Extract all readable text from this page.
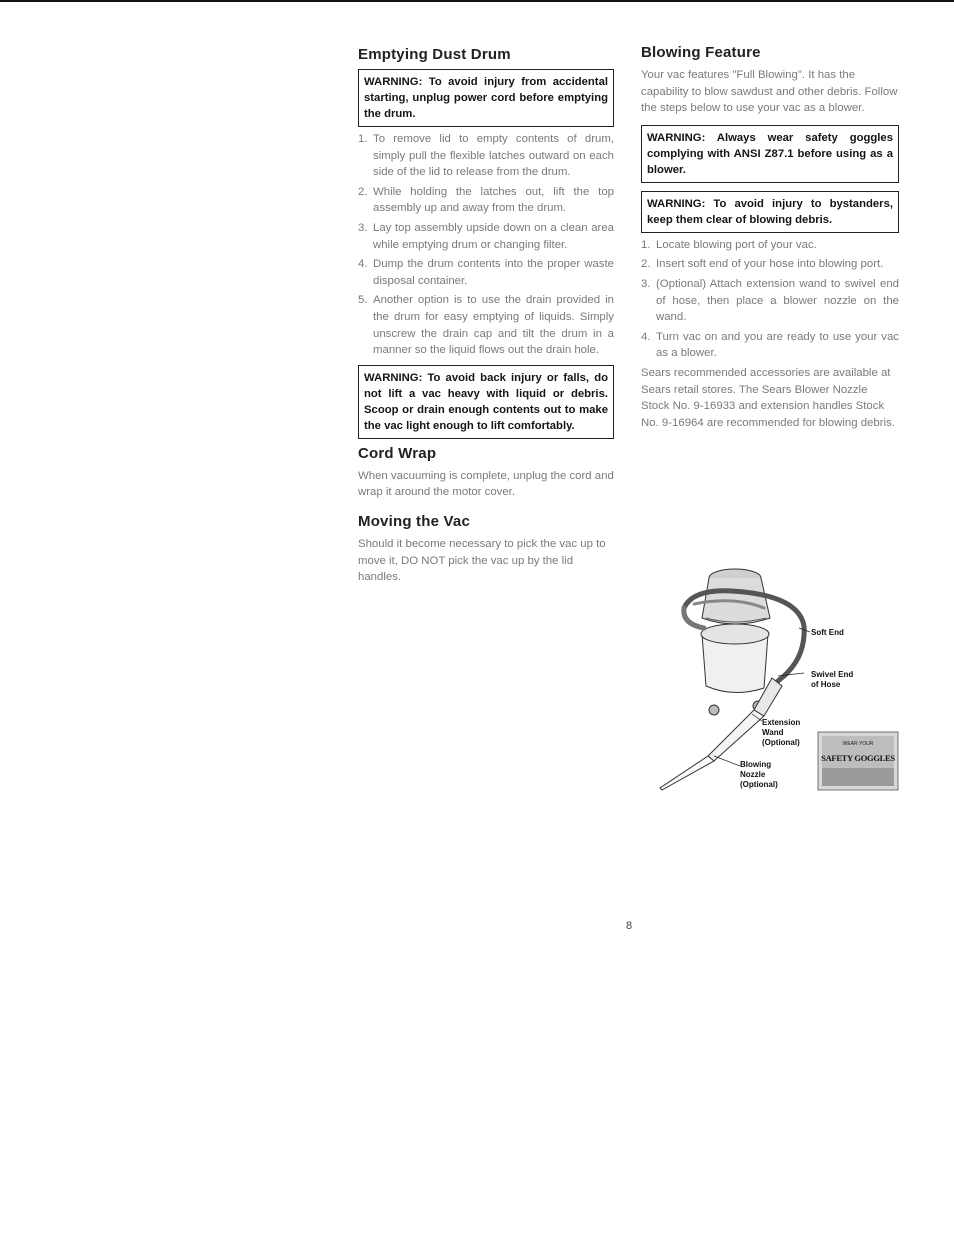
Emptying Dust Drum
WARNING: To avoid injury from accidental starting, unplug power cord before emptying the drum.
1. To remove lid to empty contents of drum, simply pull the flexible latches outward on each side of the lid to release from the drum.
2. While holding the latches out, lift the top assembly up and away from the drum.
3. Lay top assembly upside down on a clean area while emptying drum or changing filter.
4. Dump the drum contents into the proper waste disposal container.
5. Another option is to use the drain provided in the drum for easy emptying of liquids. Simply unscrew the drain cap and tilt the drum in a manner so the liquid flows out the drain hole.
WARNING: To avoid back injury or falls, do not lift a vac heavy with liquid or debris. Scoop or drain enough contents out to make the vac light enough to lift comfortably.
Cord Wrap

When vacuuming is complete, unplug the cord and wrap it around the motor cover.

Moving the Vac

Should it become necessary to pick the vac up to move it, DO NOT pick the vac up by the lid handles.

Blowing Feature

Your vac features "Full Blowing". It has the capability to blow sawdust and other debris. Follow the steps below to use your vac as a blower.

WARNING: Always wear safety goggles complying with ANSI Z87.1 before using as a blower.
WARNING: To avoid injury to bystanders, keep them clear of blowing debris.
1. Locate blowing port of your vac.
2. Insert soft end of your hose into blowing port.
3. (Optional) Attach extension wand to swivel end of hose, then place a blower nozzle on the wand.
4. Turn vac on and you are ready to use your vac as a blower.

Sears recommended accessories are available at Sears retail stores. The Sears Blower Nozzle Stock No. 9-16933 and extension handles Stock No. 9-16964 are recommended for blowing debris.

Soft End
Swivel End
of Hose
Extension
Wand
(Optional)
Blowing
Nozzle
(Optional)
WEAR YOUR
SAFETY GOGGLES
8
